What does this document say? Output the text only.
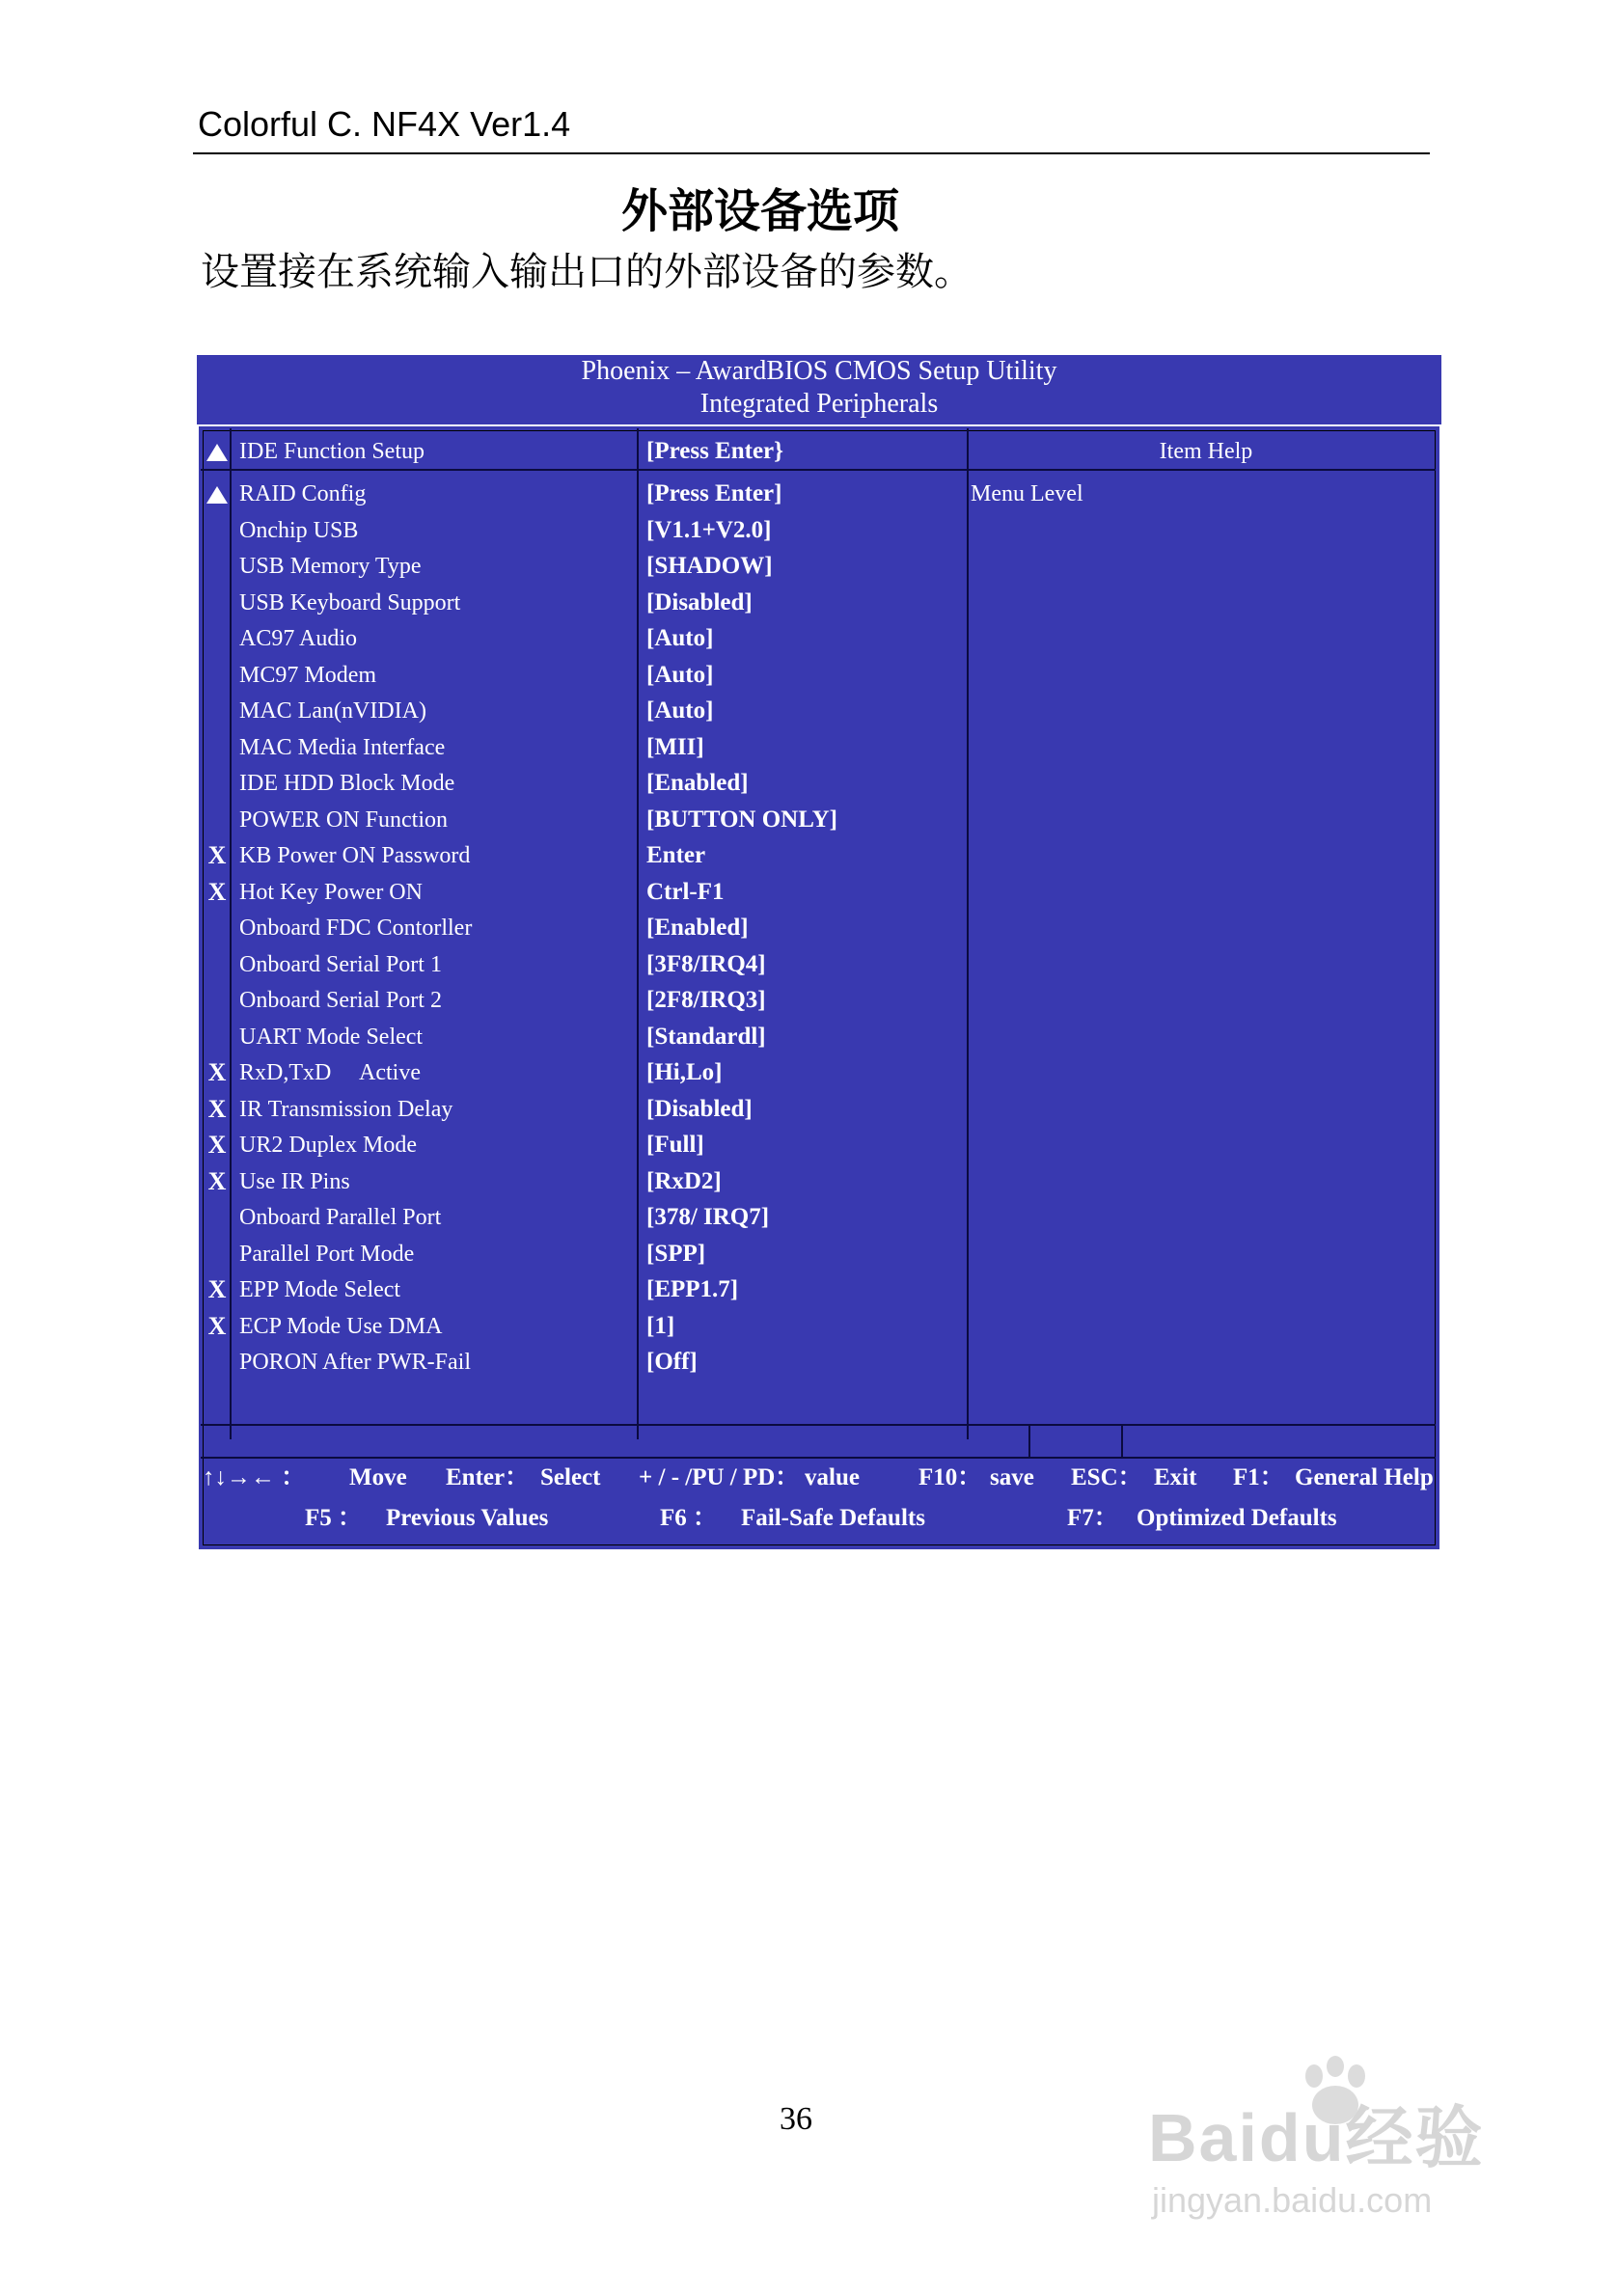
Colorful C. NF4X Ver1.4
外部设备选项
设置接在系统输入输出口的外部设备的参数。
Phoenix – AwardBIOS CMOS Setup Utility
Integrated Peripherals
IDE Function Setup	[Press Enter}
RAID Config	[Press Enter]
Onchip USB	[V1.1+V2.0]
USB Memory Type	[SHADOW]
USB Keyboard Support	[Disabled]
AC97 Audio	[Auto]
MC97 Modem	[Auto]
MAC Lan(nVIDIA)	[Auto]
MAC Media Interface	[MII]
IDE HDD Block Mode	[Enabled]
POWER ON Function	[BUTTON ONLY]
X KB Power ON Password	Enter
X Hot Key Power ON	Ctrl-F1
Onboard FDC Contorller	[Enabled]
Onboard Serial Port 1	[3F8/IRQ4]
Onboard Serial Port 2	[2F8/IRQ3]
UART Mode Select	[Standardl]
X RxD,TxD     Active	[Hi,Lo]
X IR Transmission Delay	[Disabled]
X UR2 Duplex Mode	[Full]
X Use IR Pins	[RxD2]
Onboard Parallel Port	[378/ IRQ7]
Parallel Port Mode	[SPP]
X EPP Mode Select	[EPP1.7]
X ECP Mode Use DMA	[1]
PORON After PWR-Fail	[Off]
Item Help
Menu Level
↑↓→← ： Move Enter： Select + / - /PU / PD： value F10： save ESC： Exit F1： General Help
F5 ： Previous Values	F6 ： Fail-Safe Defaults	F7： Optimized Defaults
36	Baidu经验
jingyan.baidu.com
